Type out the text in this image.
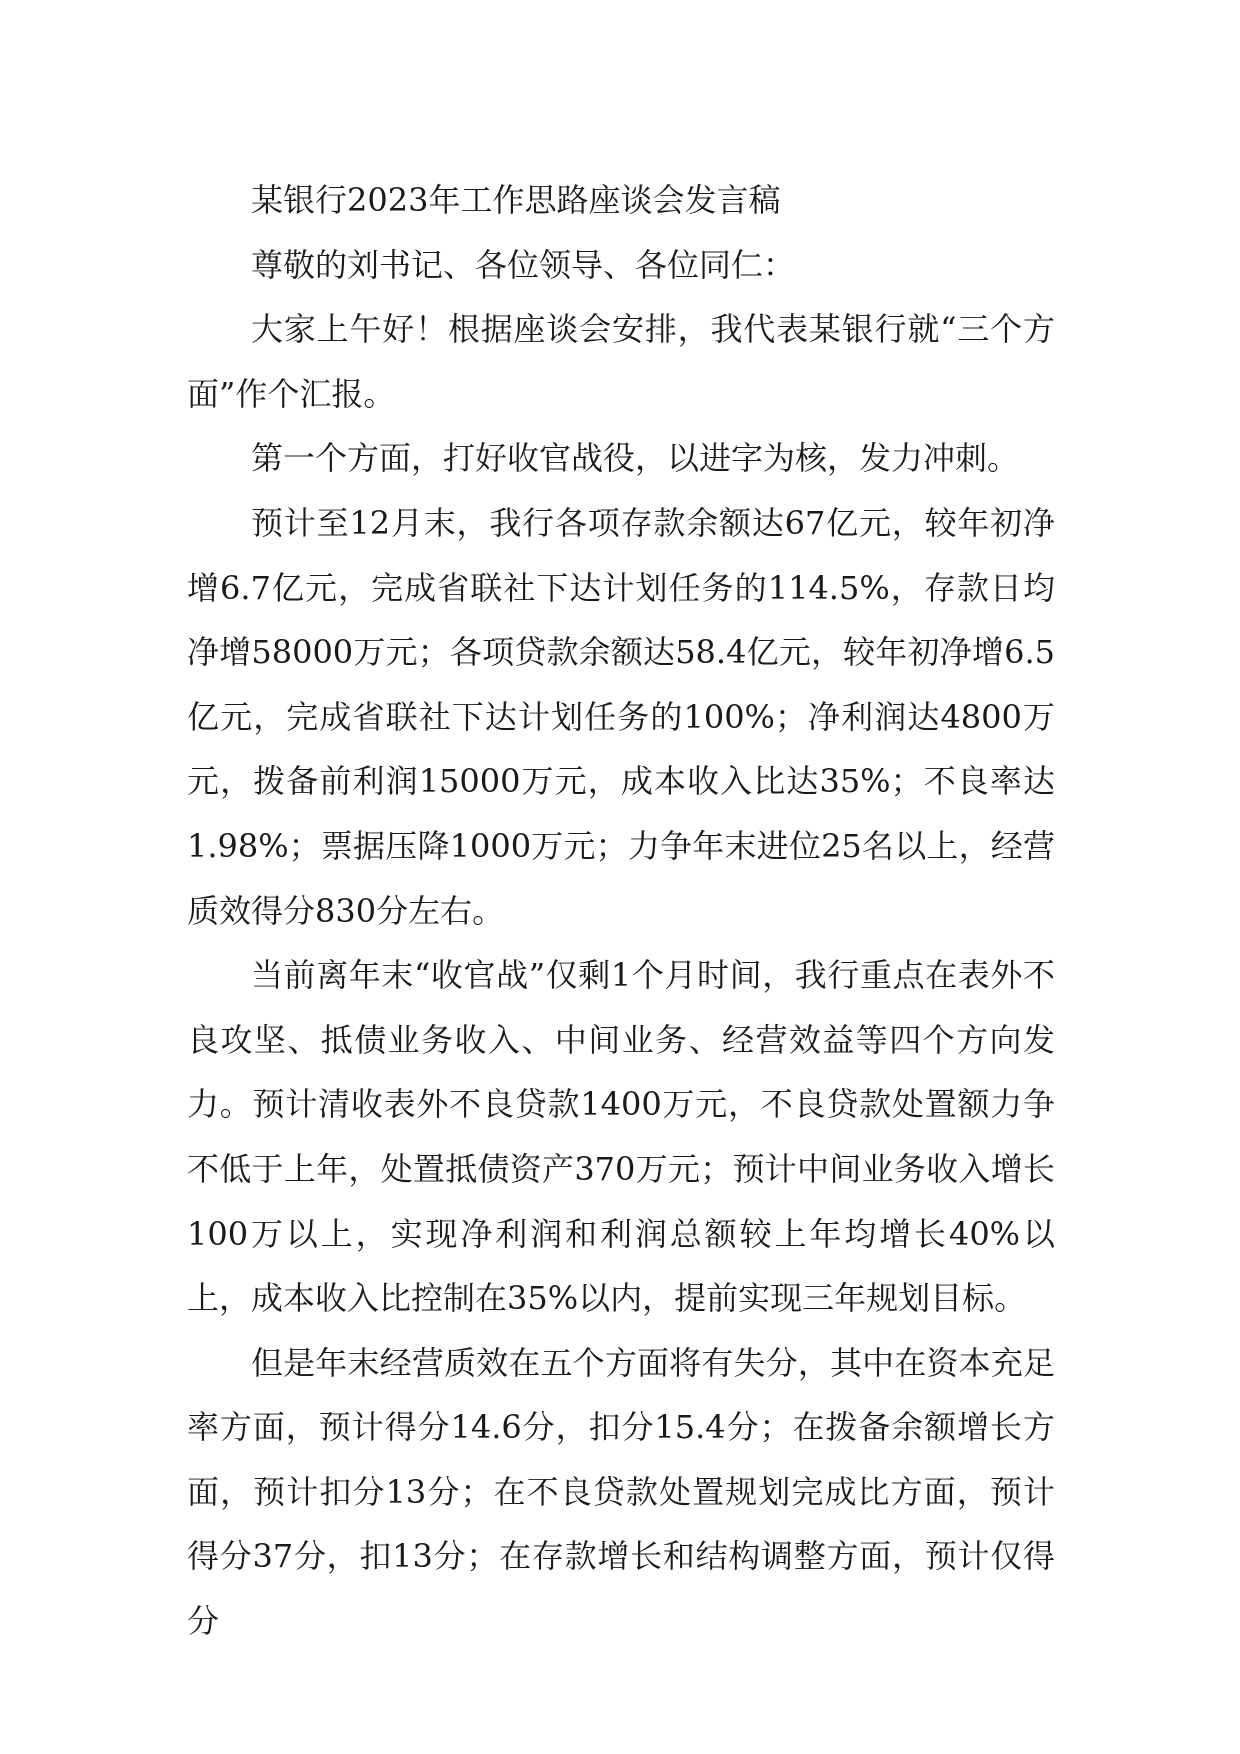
某银行2023年工作思路座谈会发言稿

尊敬的刘书记、各位领导、各位同仁：

大家上午好！根据座谈会安排，我代表某银行就“三个方面”作个汇报。

第一个方面，打好收官战役，以进字为核，发力冲刺。

预计至12月末，我行各项存款余额达67亿元，较年初净增6.7亿元，完成省联社下达计划任务的114.5%，存款日均净增58000万元；各项贷款余额达58.4亿元，较年初净增6.5亿元，完成省联社下达计划任务的100%；净利润达4800万元，拨备前利润15000万元，成本收入比达35%；不良率达1.98%；票据压降1000万元；力争年末进位25名以上，经营质效得分830分左右。

当前离年末“收官战”仅剩1个月时间，我行重点在表外不良攻坚、抵债业务收入、中间业务、经营效益等四个方向发力。预计清收表外不良贷款1400万元，不良贷款处置额力争不低于上年，处置抵债资产370万元；预计中间业务收入增长100万以上，实现净利润和利润总额较上年均增长40%以上，成本收入比控制在35%以内，提前实现三年规划目标。

但是年末经营质效在五个方面将有失分，其中在资本充足率方面，预计得分14.6分，扣分15.4分；在拨备余额增长方面，预计扣分13分；在不良贷款处置规划完成比方面，预计得分37分，扣13分；在存款增长和结构调整方面，预计仅得分
